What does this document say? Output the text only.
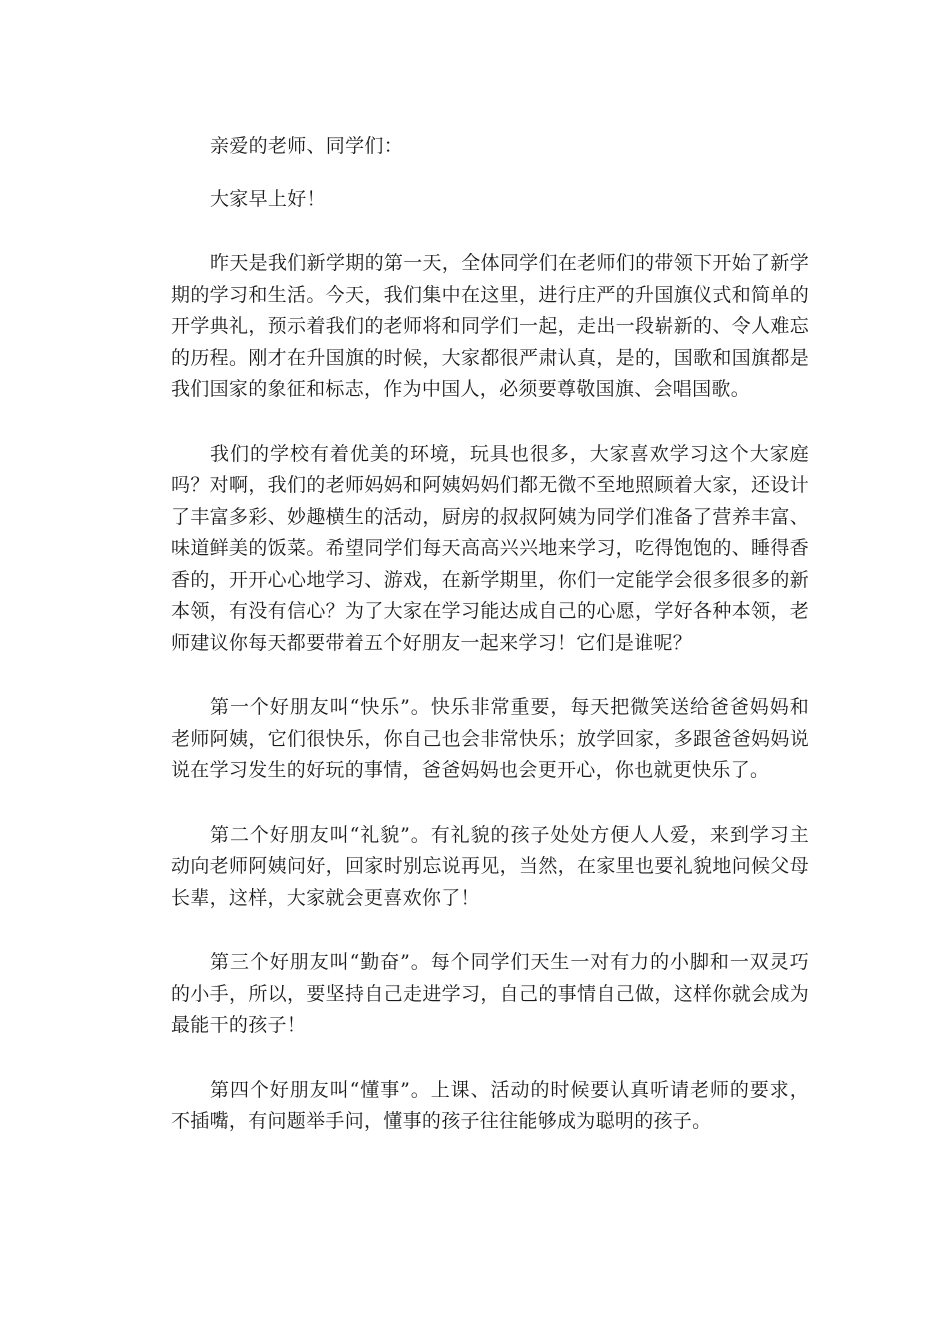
亲爱的老师、同学们：

大家早上好！

昨天是我们新学期的第一天，全体同学们在老师们的带领下开始了新学期的学习和生活。今天，我们集中在这里，进行庄严的升国旗仪式和简单的开学典礼，预示着我们的老师将和同学们一起，走出一段崭新的、令人难忘的历程。刚才在升国旗的时候，大家都很严肃认真，是的，国歌和国旗都是我们国家的象征和标志，作为中国人，必须要尊敬国旗、会唱国歌。

我们的学校有着优美的环境，玩具也很多，大家喜欢学习这个大家庭吗？对啊，我们的老师妈妈和阿姨妈妈们都无微不至地照顾着大家，还设计了丰富多彩、妙趣横生的活动，厨房的叔叔阿姨为同学们准备了营养丰富、味道鲜美的饭菜。希望同学们每天高高兴兴地来学习，吃得饱饱的、睡得香香的，开开心心地学习、游戏，在新学期里，你们一定能学会很多很多的新本领，有没有信心？为了大家在学习能达成自己的心愿，学好各种本领，老师建议你每天都要带着五个好朋友一起来学习！它们是谁呢？

第一个好朋友叫“快乐”。快乐非常重要，每天把微笑送给爸爸妈妈和老师阿姨，它们很快乐，你自己也会非常快乐；放学回家，多跟爸爸妈妈说说在学习发生的好玩的事情，爸爸妈妈也会更开心，你也就更快乐了。

第二个好朋友叫“礼貌”。有礼貌的孩子处处方便人人爱，来到学习主动向老师阿姨问好，回家时别忘说再见，当然，在家里也要礼貌地问候父母长辈，这样，大家就会更喜欢你了！

第三个好朋友叫“勤奋”。每个同学们天生一对有力的小脚和一双灵巧的小手，所以，要坚持自己走进学习，自己的事情自己做，这样你就会成为最能干的孩子！

第四个好朋友叫“懂事”。上课、活动的时候要认真听请老师的要求，不插嘴，有问题举手问，懂事的孩子往往能够成为聪明的孩子。
